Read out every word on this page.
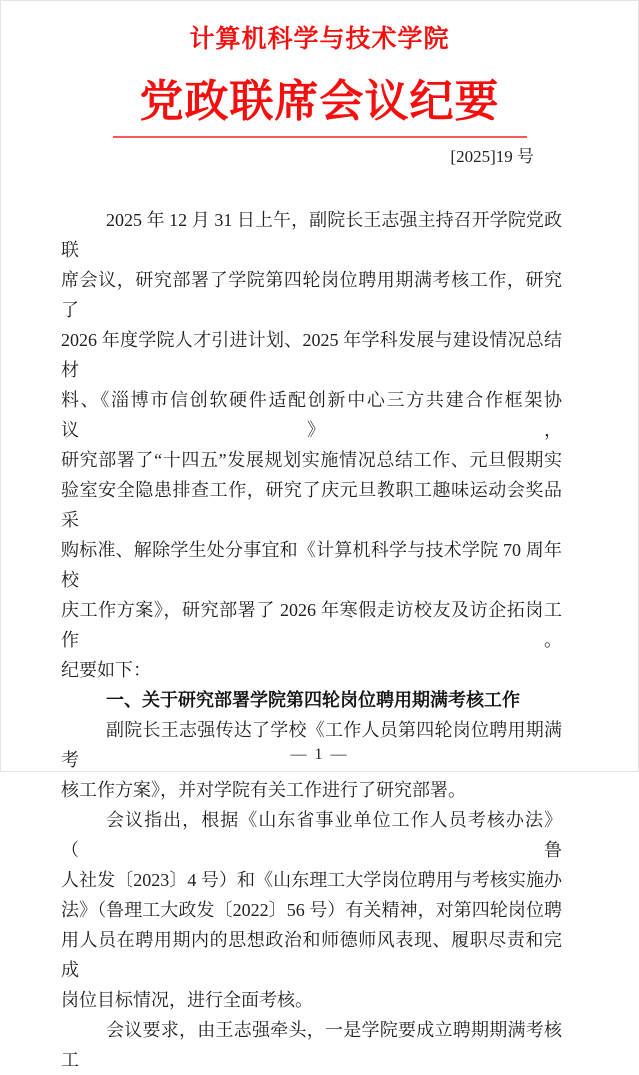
计算机科学与技术学院
党政联席会议纪要
[2025]19 号
2025 年 12 月 31 日上午，副院长王志强主持召开学院党政联
席会议，研究部署了学院第四轮岗位聘用期满考核工作，研究了
2026 年度学院人才引进计划、2025 年学科发展与建设情况总结材
料、《淄博市信创软硬件适配创新中心三方共建合作框架协议》，
研究部署了“十四五”发展规划实施情况总结工作、元旦假期实
验室安全隐患排查工作，研究了庆元旦教职工趣味运动会奖品采
购标准、解除学生处分事宜和《计算机科学与技术学院 70 周年校
庆工作方案》，研究部署了 2026 年寒假走访校友及访企拓岗工作。
纪要如下：
一、关于研究部署学院第四轮岗位聘用期满考核工作
副院长王志强传达了学校《工作人员第四轮岗位聘用期满考
核工作方案》，并对学院有关工作进行了研究部署。
会议指出，根据《山东省事业单位工作人员考核办法》（鲁
人社发〔2023〕4 号）和《山东理工大学岗位聘用与考核实施办
法》（鲁理工大政发〔2022〕56 号）有关精神，对第四轮岗位聘
用人员在聘用期内的思想政治和师德师风表现、履职尽责和完成
岗位目标情况，进行全面考核。
会议要求，由王志强牵头，一是学院要成立聘期期满考核工
— 1 —
